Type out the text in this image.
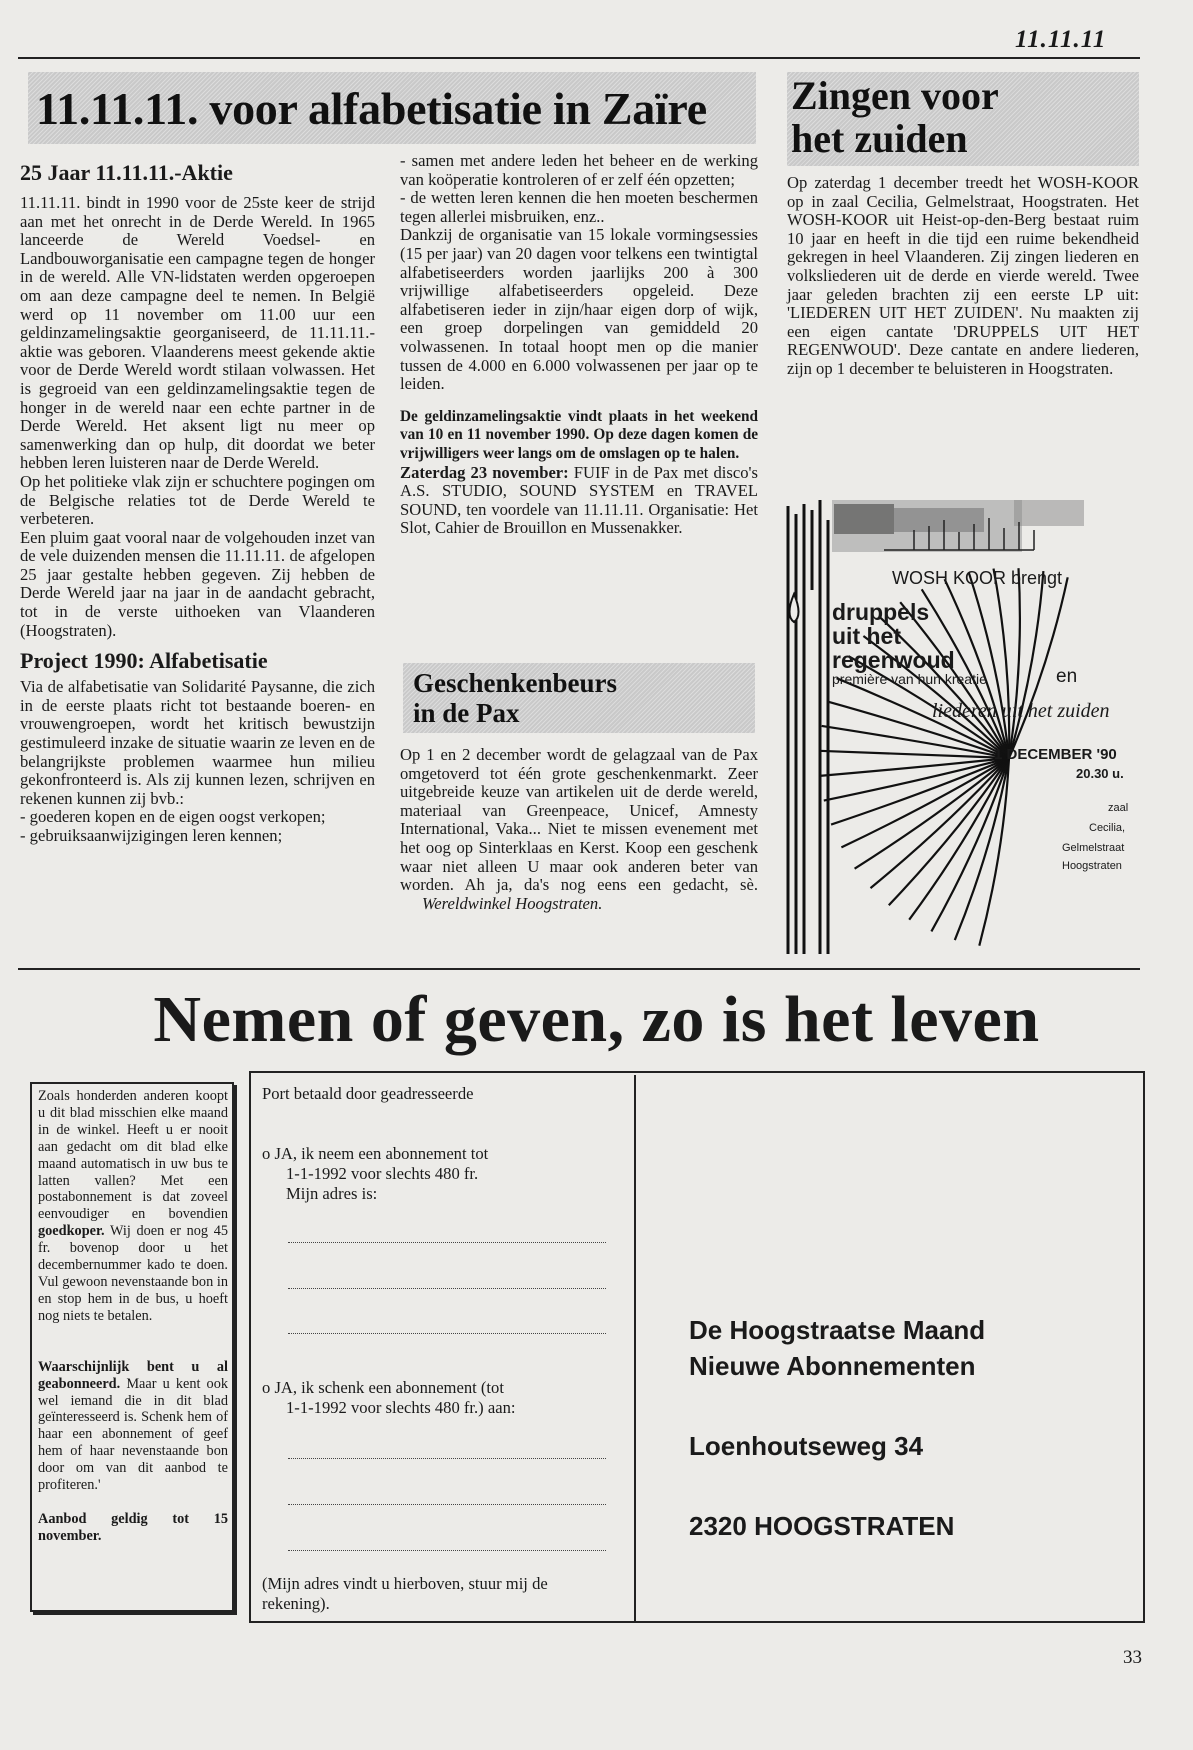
11.11.11
11.11.11. voor alfabetisatie in Zaïre Zingen voor
het zuiden
25 Jaar 11.11.11.-Aktie

11.11.11. bindt in 1990 voor de 25ste keer de strijd aan met het onrecht in de Derde Wereld. In 1965 lanceerde de Wereld Voedsel- en Landbouworganisatie een campagne tegen de honger in de wereld. Alle VN-lidstaten werden opgeroepen om aan deze campagne deel te nemen. In België werd op 11 november om 11.00 uur een geldinzamelingsaktie georganiseerd, de 11.11.11.-aktie was geboren. Vlaanderens meest gekende aktie voor de Derde Wereld wordt stilaan volwassen. Het is gegroeid van een geldinzamelingsaktie tegen de honger in de wereld naar een echte partner in de Derde Wereld. Het aksent ligt nu meer op samenwerking dan op hulp, dit doordat we beter hebben leren luisteren naar de Derde Wereld.

Op het politieke vlak zijn er schuchtere pogingen om de Belgische relaties tot de Derde Wereld te verbeteren.

Een pluim gaat vooral naar de volgehouden inzet van de vele duizenden mensen die 11.11.11. de afgelopen 25 jaar gestalte hebben gegeven. Zij hebben de Derde Wereld jaar na jaar in de aandacht gebracht, tot in de verste uithoeken van Vlaanderen (Hoogstraten).

Project 1990: Alfabetisatie

Via de alfabetisatie van Solidarité Paysanne, die zich in de eerste plaats richt tot bestaande boeren- en vrouwengroepen, wordt het kritisch bewustzijn gestimuleerd inzake de situatie waarin ze leven en de belangrijkste problemen waarmee hun milieu gekonfronteerd is. Als zij kunnen lezen, schrijven en rekenen kunnen zij bvb.:

- goederen kopen en de eigen oogst verkopen;

- gebruiksaanwijzigingen leren kennen;

- samen met andere leden het beheer en de werking van koöperatie kontroleren of er zelf één opzetten;

- de wetten leren kennen die hen moeten beschermen tegen allerlei misbruiken, enz..

Dankzij de organisatie van 15 lokale vormingsessies (15 per jaar) van 20 dagen voor telkens een twintigtal alfabetiseerders worden jaarlijks 200 à 300 vrijwillige alfabetiseerders opgeleid. Deze alfabetiseren ieder in zijn/haar eigen dorp of wijk, een groep dorpelingen van gemiddeld 20 volwassenen. In totaal hoopt men op die manier tussen de 4.000 en 6.000 volwassenen per jaar op te leiden.

De geldinzamelingsaktie vindt plaats in het weekend van 10 en 11 november 1990. Op deze dagen komen de vrijwilligers weer langs om de omslagen op te halen.

Zaterdag 23 november: FUIF in de Pax met disco's A.S. STUDIO, SOUND SYSTEM en TRAVEL SOUND, ten voordele van 11.11.11. Organisatie: Het Slot, Cahier de Brouillon en Mussenakker.

Geschenkenbeurs
in de Pax

Op 1 en 2 december wordt de gelagzaal van de Pax omgetoverd tot één grote geschenkenmarkt. Zeer uitgebreide keuze van artikelen uit de derde wereld, materiaal van Greenpeace, Unicef, Amnesty International, Vaka... Niet te missen evenement met het oog op Sinterklaas en Kerst. Koop een geschenk waar niet alleen U maar ook anderen beter van worden. Ah ja, da's nog eens een gedacht, sè. Wereldwinkel Hoogstraten.

Op zaterdag 1 december treedt het WOSH-KOOR op in zaal Cecilia, Gelmelstraat, Hoogstraten. Het WOSH-KOOR uit Heist-op-den-Berg bestaat ruim 10 jaar en heeft in die tijd een ruime bekendheid gekregen in heel Vlaanderen. Zij zingen liederen en volksliederen uit de derde en vierde wereld. Twee jaar geleden brachten zij een eerste LP uit: 'LIEDEREN UIT HET ZUIDEN'. Nu maakten zij een eigen cantate 'DRUPPELS UIT HET REGENWOUD'. Deze cantate en andere liederen, zijn op 1 december te beluisteren in Hoogstraten.

WOSH KOOR brengt
druppels
uit het
regenwoud
première van hun kreatie	en
liederen uit het zuiden
1 DECEMBER '90
20.30 u.
zaal
Cecilia,
Gelmelstraat
Hoogstraten
Nemen of geven, zo is het leven

Zoals honderden anderen koopt u dit blad misschien elke maand in de winkel. Heeft u er nooit aan gedacht om dit blad elke maand automatisch in uw bus te latten vallen? Met een postabonnement is dat zoveel eenvoudiger en bovendien goedkoper. Wij doen er nog 45 fr. bovenop door u het decembernummer kado te doen. Vul gewoon nevenstaande bon in en stop hem in de bus, u hoeft nog niets te betalen.

Waarschijnlijk bent u al geabonneerd. Maar u kent ook wel iemand die in dit blad geïnteresseerd is. Schenk hem of haar een abonnement of geef hem of haar nevenstaande bon door om van dit aanbod te profiteren.'

Aanbod geldig tot 15 november.

Port betaald door geadresseerde
o JA, ik neem een abonnement tot
1-1-1992 voor slechts 480 fr.
Mijn adres is:
o JA, ik schenk een abonnement (tot
1-1-1992 voor slechts 480 fr.) aan:
(Mijn adres vindt u hierboven, stuur mij de
rekening).
De Hoogstraatse Maand
Nieuwe Abonnementen
Loenhoutseweg 34
2320 HOOGSTRATEN
33
